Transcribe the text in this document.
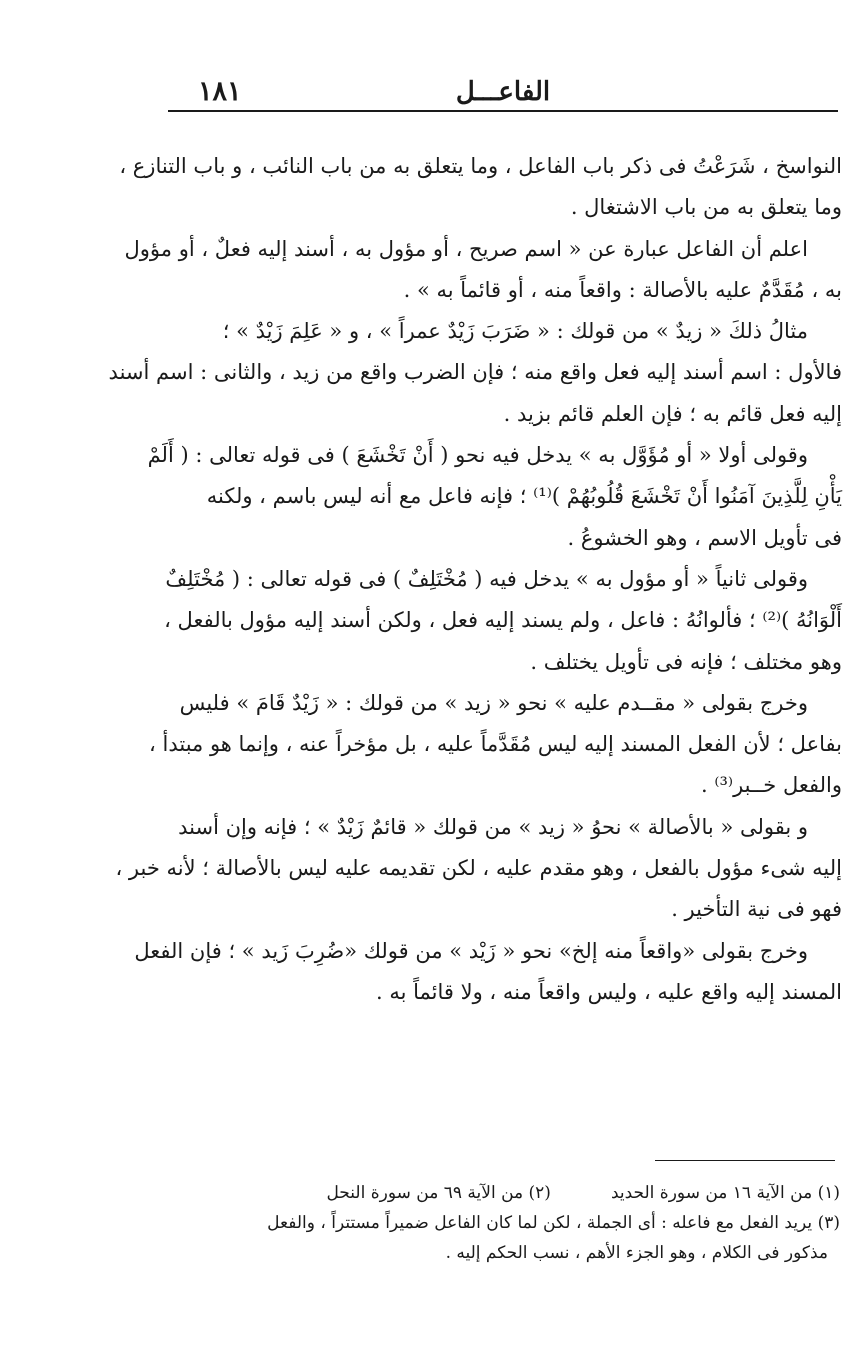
الفاعـــل
١٨١

النواسخ ، شَرَعْتُ فى ذكر باب الفاعل ، وما يتعلق به من باب النائب ، و باب التنازع ،
وما يتعلق به من باب الاشتغال .

اعلم أن الفاعل عبارة عن « اسم صريح ، أو مؤول به ، أسند إليه فعلٌ ، أو مؤول
به ، مُقَدَّمٌ عليه بالأصالة : واقعاً منه ، أو قائماً به » .

مثالُ ذلكَ « زيدٌ » من قولك : « ضَرَبَ زَيْدٌ عمراً » ، و « عَلِمَ زَيْدٌ » ؛
فالأول : اسم أسند إليه فعل واقع منه ؛ فإن الضرب واقع من زيد ، والثانى : اسم أسند
إليه فعل قائم به ؛ فإن العلم قائم بزيد .

وقولى أولا « أو مُؤَوَّل به » يدخل فيه نحو ( أَنْ تَخْشَعَ ) فى قوله تعالى : ( أَلَمْ
يَأْنِ لِلَّذِينَ آمَنُوا أَنْ تَخْشَعَ قُلُوبُهُمْ )⁽¹⁾ ؛ فإنه فاعل مع أنه ليس باسم ، ولكنه
فى تأويل الاسم ، وهو الخشوعُ .

وقولى ثانياً « أو مؤول به » يدخل فيه ( مُخْتَلِفٌ ) فى قوله تعالى : ( مُخْتَلِفٌ
أَلْوَانُهُ )⁽²⁾ ؛ فألوانُهُ : فاعل ، ولم يسند إليه فعل ، ولكن أسند إليه مؤول بالفعل ،
وهو مختلف ؛ فإنه فى تأويل يختلف .

وخرج بقولى « مقــدم عليه » نحو « زيد » من قولك : « زَيْدٌ قَامَ » فليس
بفاعل ؛ لأن الفعل المسند إليه ليس مُقَدَّماً عليه ، بل مؤخراً عنه ، وإنما هو مبتدأ ،
والفعل خــبر⁽³⁾ .

و بقولى « بالأصالة » نحوُ « زيد » من قولك « قائمٌ زَيْدٌ » ؛ فإنه وإن أسند
إليه شىء مؤول بالفعل ، وهو مقدم عليه ، لكن تقديمه عليه ليس بالأصالة ؛ لأنه خبر ،
فهو فى نية التأخير .

وخرج بقولى «واقعاً منه إلخ» نحو « زَيْد » من قولك «ضُرِبَ زَيد » ؛ فإن الفعل
المسند إليه واقع عليه ، وليس واقعاً منه ، ولا قائماً به .

(١) من الآية ١٦ من سورة الحديد
(٢) من الآية ٦٩ من سورة النحل

(٣) يريد الفعل مع فاعله : أى الجملة ، لكن لما كان الفاعل ضميراً مستتراً ، والفعل

مذكور فى الكلام ، وهو الجزء الأهم ، نسب الحكم إليه .
